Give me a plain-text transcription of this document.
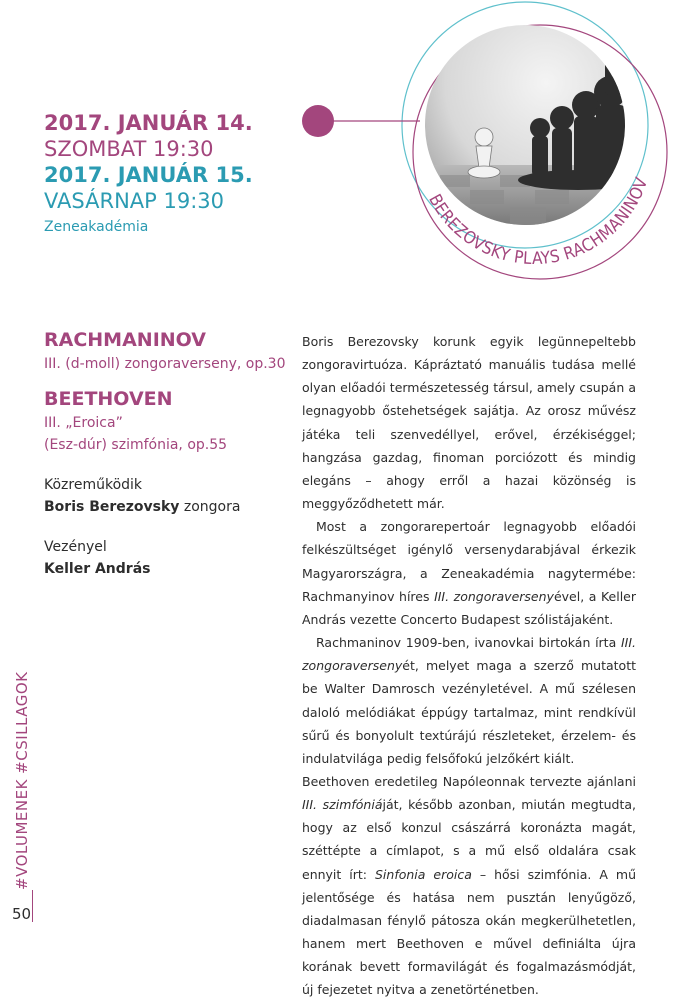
BEREZOVSKY PLAYS RACHMANINOV
2017. JANUÁR 14.
SZOMBAT 19:30
2017. JANUÁR 15.
VASÁRNAP 19:30
Zeneakadémia
RACHMANINOV
III. (d-moll) zongoraverseny, op.30
BEETHOVEN
III. „Eroica”
(Esz-dúr) szimfónia, op.55
Közreműködik
Boris Berezovsky zongora
Vezényel
Keller András

Boris Berezovsky korunk egyik legünnepeltebb zongoravirtuóza. Kápráztató manuális tudása mellé olyan előadói természetesség társul, amely csupán a legnagyobb őstehetségek sajátja. Az orosz művész játéka teli szenvedéllyel, erővel, érzékiséggel; hangzása gazdag, finoman porciózott és mindig elegáns – ahogy erről a hazai közönség is meggyőződhetett már.

Most a zongorarepertoár legnagyobb előadói felkészültséget igénylő versenydarabjával érkezik Magyarországra, a Zeneakadémia nagytermébe: Rachmanyinov híres III. zongoraversenyével, a Keller András vezette Concerto Budapest szólistájaként.

Rachmaninov 1909-ben, ivanovkai birtokán írta III. zongoraversenyét, melyet maga a szerző mutatott be Walter Damrosch vezényletével. A mű szélesen daloló melódiákat éppúgy tartalmaz, mint rendkívül sűrű és bonyolult textúrájú részleteket, érzelem- és indulatvilága pedig felsőfokú jelzőkért kiált.

Beethoven eredetileg Napóleonnak tervezte ajánlani III. szimfóniáját, később azonban, miután megtudta, hogy az első konzul császárrá koronázta magát, széttépte a címlapot, s a mű első oldalára csak ennyit írt: Sinfonia eroica – hősi szimfónia. A mű jelentősége és hatása nem pusztán lenyűgöző, diadalmasan fénylő pátosza okán megkerülhetetlen, hanem mert Beethoven e művel definiálta újra korának bevett formavilágát és fogalmazásmódját, új fejezetet nyitva a zenetörténetben.

#VOLUMENEK #CSILLAGOK
50
